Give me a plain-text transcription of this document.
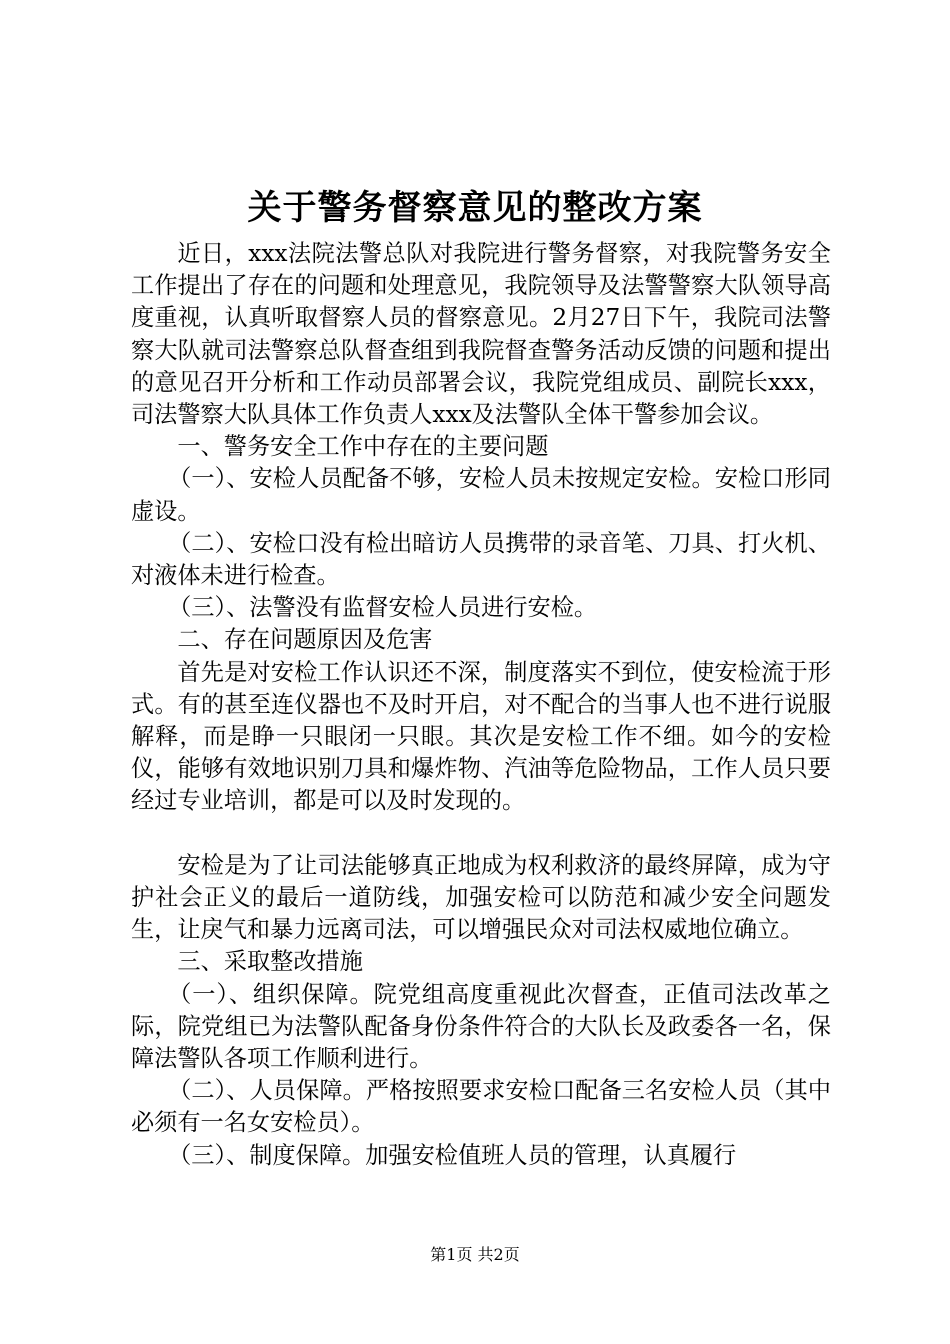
关于警务督察意见的整改方案

近日，xxx法院法警总队对我院进行警务督察，对我院警务安全工作提出了存在的问题和处理意见，我院领导及法警警察大队领导高度重视，认真听取督察人员的督察意见。2月27日下午，我院司法警察大队就司法警察总队督查组到我院督查警务活动反馈的问题和提出的意见召开分析和工作动员部署会议，我院党组成员、副院长xxx，司法警察大队具体工作负责人xxx及法警队全体干警参加会议。

一、警务安全工作中存在的主要问题

（一）、安检人员配备不够，安检人员未按规定安检。安检口形同虚设。

（二）、安检口没有检出暗访人员携带的录音笔、刀具、打火机、对液体未进行检查。

（三）、法警没有监督安检人员进行安检。

二、存在问题原因及危害

首先是对安检工作认识还不深，制度落实不到位，使安检流于形式。有的甚至连仪器也不及时开启，对不配合的当事人也不进行说服解释，而是睁一只眼闭一只眼。其次是安检工作不细。如今的安检仪，能够有效地识别刀具和爆炸物、汽油等危险物品，工作人员只要经过专业培训，都是可以及时发现的。

安检是为了让司法能够真正地成为权利救济的最终屏障，成为守护社会正义的最后一道防线，加强安检可以防范和减少安全问题发生，让戾气和暴力远离司法，可以增强民众对司法权威地位确立。

三、采取整改措施

（一）、组织保障。院党组高度重视此次督查，正值司法改革之际，院党组已为法警队配备身份条件符合的大队长及政委各一名，保障法警队各项工作顺利进行。

（二）、人员保障。严格按照要求安检口配备三名安检人员（其中必须有一名女安检员）。

（三）、制度保障。加强安检值班人员的管理，认真履行

第1页 共2页
